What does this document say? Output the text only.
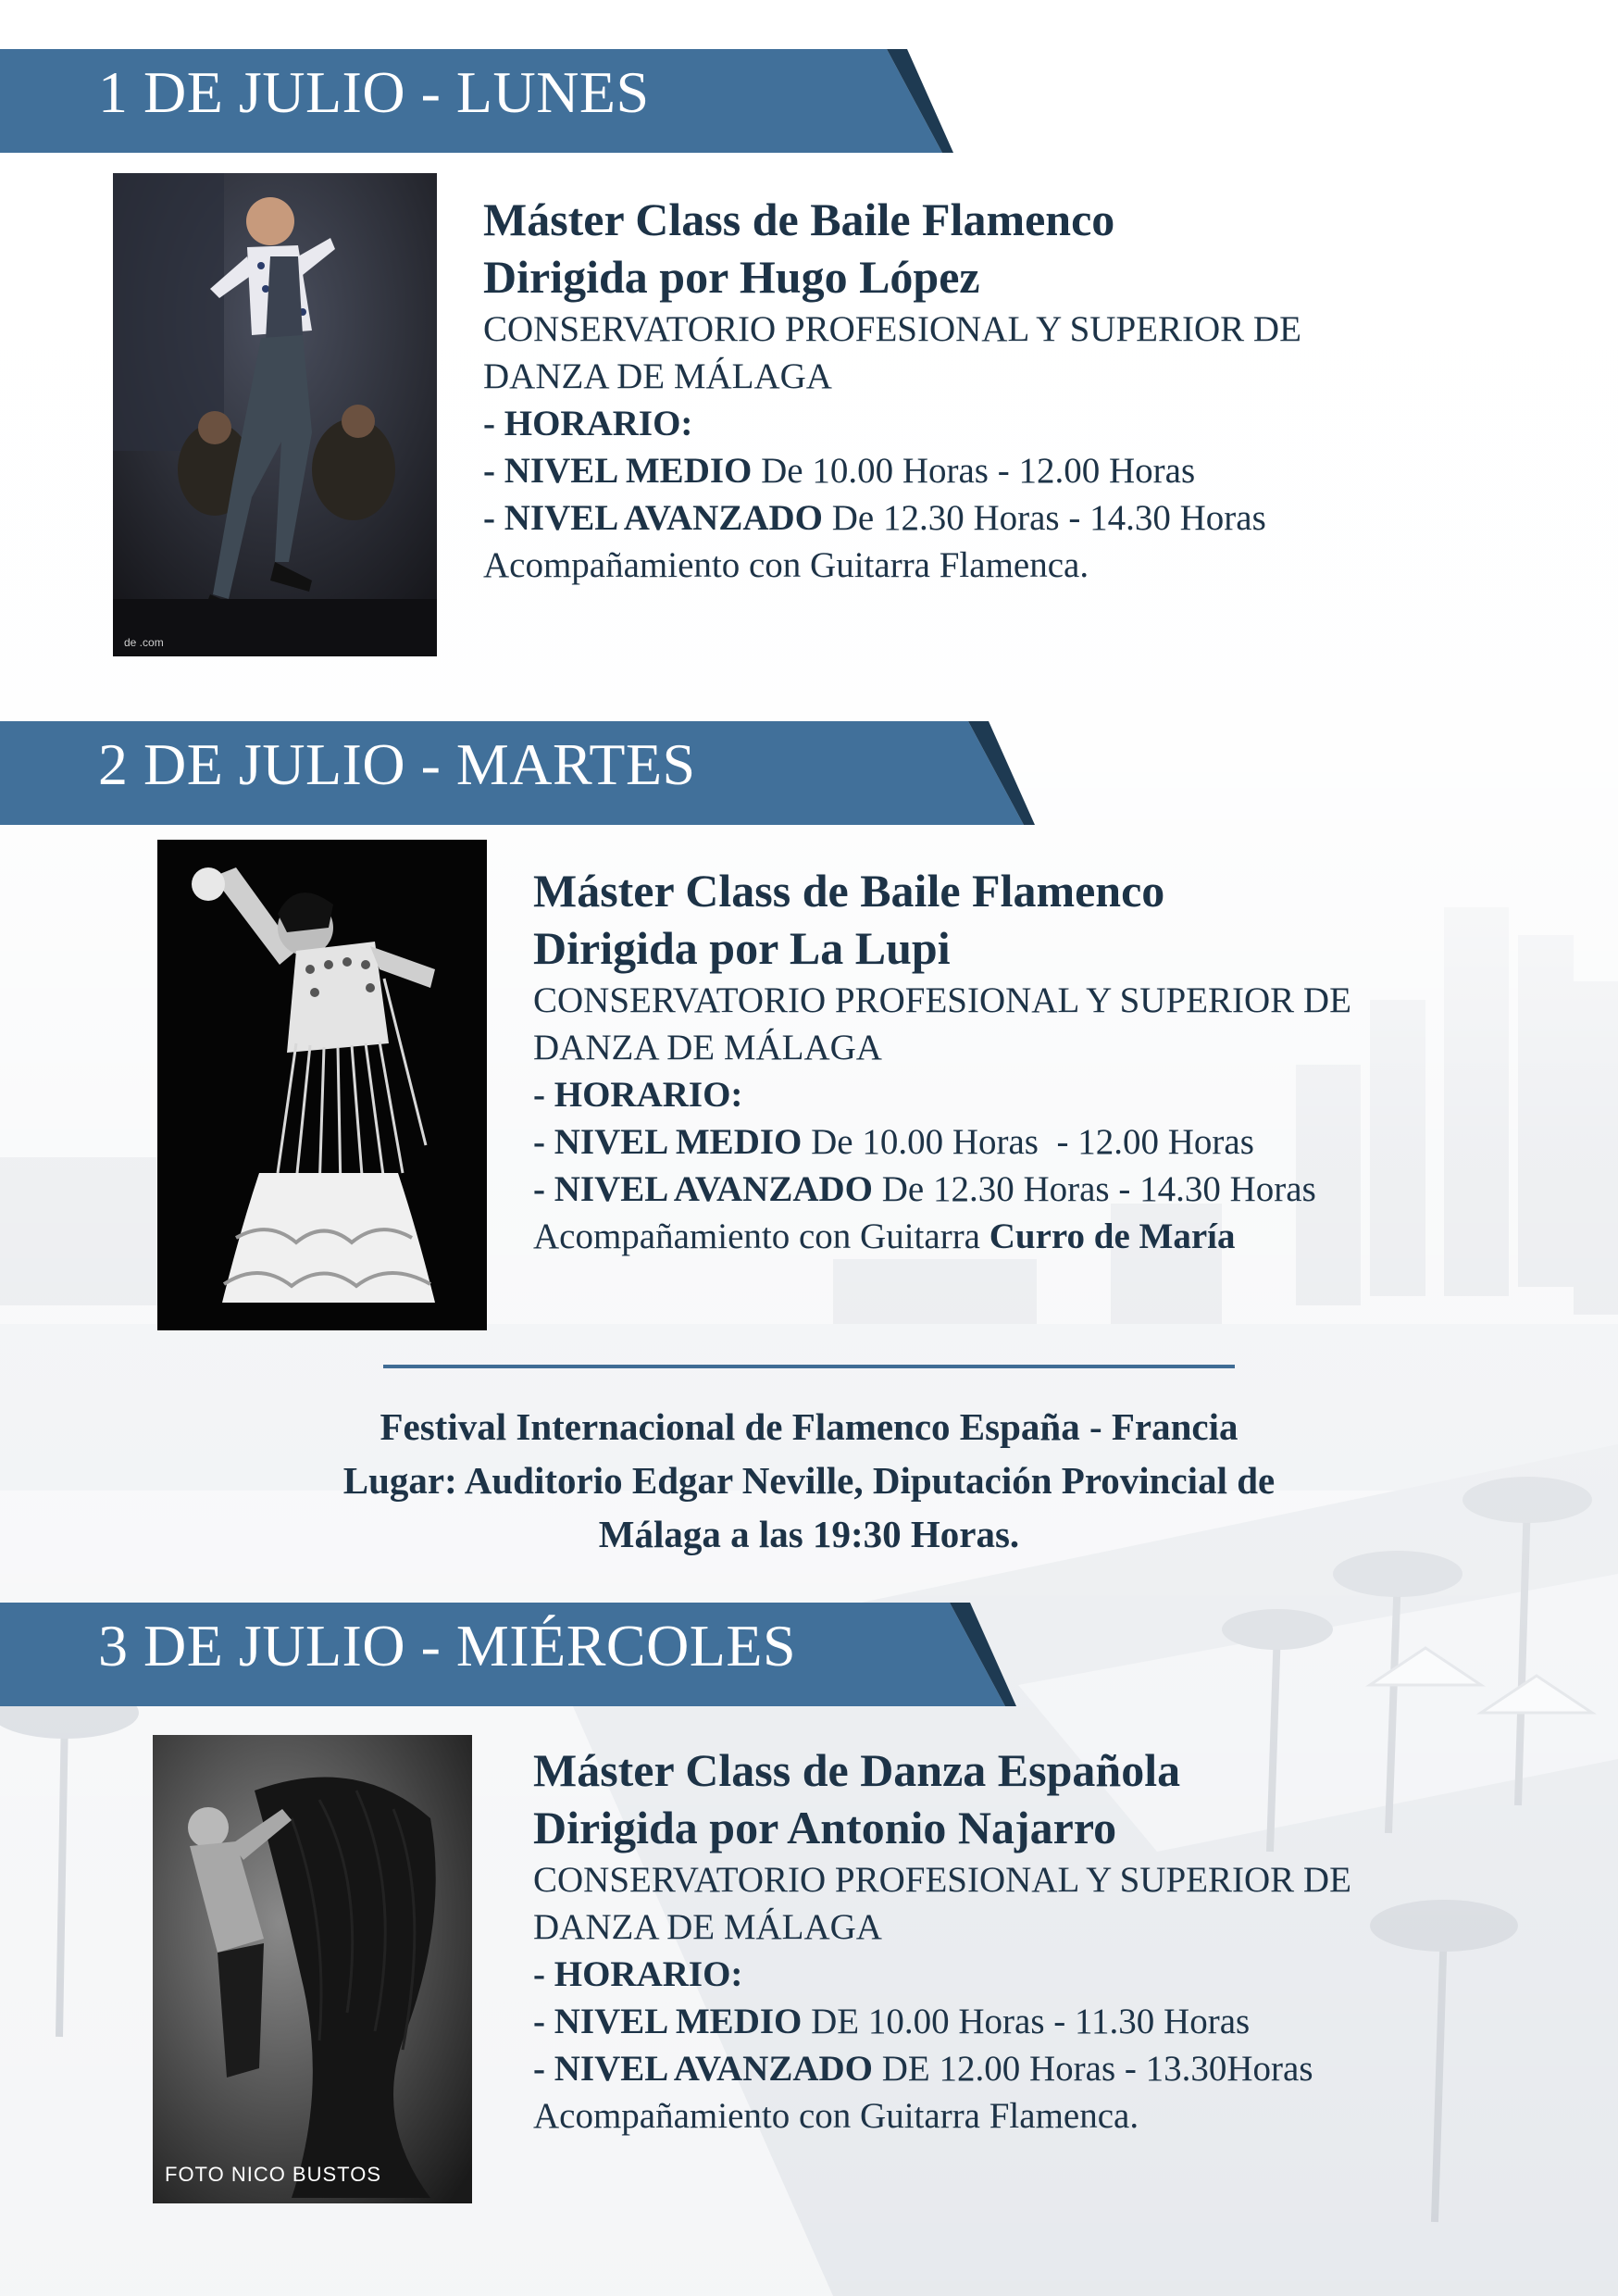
1 DE JULIO - LUNES
de .com
Máster Class de Baile Flamenco
Dirigida por Hugo López
CONSERVATORIO PROFESIONAL Y SUPERIOR DE
DANZA DE MÁLAGA
- HORARIO:
- NIVEL MEDIO De 10.00 Horas - 12.00 Horas
- NIVEL AVANZADO De 12.30 Horas - 14.30 Horas
Acompañamiento con Guitarra Flamenca.
2 DE JULIO - MARTES
Máster Class de Baile Flamenco
Dirigida por La Lupi
CONSERVATORIO PROFESIONAL Y SUPERIOR DE
DANZA DE MÁLAGA
- HORARIO:
- NIVEL MEDIO De 10.00 Horas  - 12.00 Horas
- NIVEL AVANZADO De 12.30 Horas - 14.30 Horas
Acompañamiento con Guitarra Curro de María
Festival Internacional de Flamenco España - Francia
Lugar: Auditorio Edgar Neville, Diputación Provincial de
Málaga a las 19:30 Horas.
3 DE JULIO - MIÉRCOLES
FOTO NICO BUSTOS
Máster Class de Danza Española
Dirigida por Antonio Najarro
CONSERVATORIO PROFESIONAL Y SUPERIOR DE
DANZA DE MÁLAGA
- HORARIO:
- NIVEL MEDIO DE 10.00 Horas - 11.30 Horas
- NIVEL AVANZADO DE 12.00 Horas - 13.30Horas
Acompañamiento con Guitarra Flamenca.
